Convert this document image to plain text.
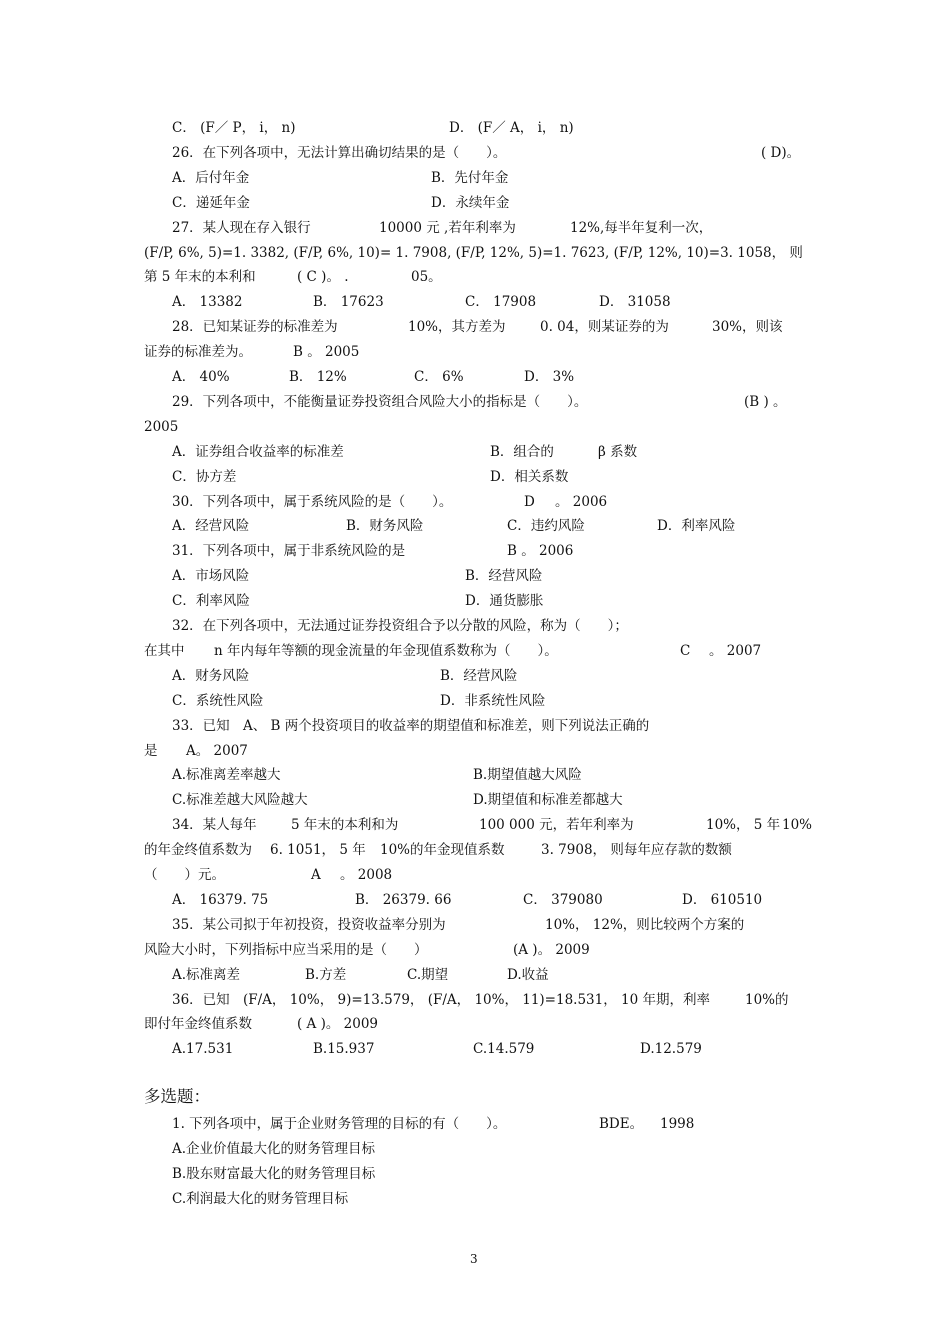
C． (F／ P， i， n)	D． (F／ A， i， n)
26．在下列各项中，无法计算出确切结果的是（　　）。	( D)。
A．后付年金	B．先付年金
C．递延年金	D．永续年金
27．某人现在存入银行	10000 元 ,若年利率为	12%,每半年复利一次，
(F/P, 6%, 5)=1. 3382, (F/P, 6%, 10)= 1. 7908, (F/P, 12%, 5)=1. 7623, (F/P, 12%, 10)=3. 1058， 则
第 5 年末的本利和	( C )。 .	05。
A． 13382	B． 17623	C． 17908	D． 31058
28．已知某证券的标准差为	10%，其方差为	0. 04，则某证券的为	30%，则该
证券的标准差为。	B 。 2005
A． 40%	B． 12%	C． 6%	D． 3%
29．下列各项中，不能衡量证券投资组合风险大小的指标是（　　）。	(B ) 。
2005
A．证券组合收益率的标准差	B．组合的	β 系数
C．协方差	D．相关系数
30．下列各项中，属于系统风险的是（　　）。	D 。 2006
A．经营风险	B．财务风险	C．违约风险	D．利率风险
31．下列各项中，属于非系统风险的是	B 。 2006
A．市场风险	B．经营风险
C．利率风险	D．通货膨胀
32．在下列各项中，无法通过证券投资组合予以分散的风险，称为（　　）；
在其中 n 年内每年等额的现金流量的年金现值系数称为（　　）。	C 。 2007
A．财务风险	B．经营风险
C．系统性风险	D．非系统性风险
33．已知 A、 B 两个投资项目的收益率的期望值和标准差，则下列说法正确的
是 A。 2007
A.标准离差率越大	B.期望值越大风险
C.标准差越大风险越大	D.期望值和标准差都越大
34．某人每年	5 年末的本利和为	100 000 元，若年利率为	10%， 5 年 10%
的年金终值系数为 6. 1051， 5 年 10%的年金现值系数	3. 7908， 则每年应存款的数额
（　　）元。	A 。 2008
A． 16379. 75	B． 26379. 66	C． 379080	D． 610510
35．某公司拟于年初投资，投资收益率分别为	10%， 12%，则比较两个方案的
风险大小时，下列指标中应当采用的是（　　）	(A )。 2009
A.标准离差	B.方差	C.期望	D.收益
36．已知 (F/A， 10%， 9)=13.579， (F/A， 10%， 11)=18.531， 10 年期，利率	10%的
即付年金终值系数	( A )。 2009
A.17.531	B.15.937	C.14.579	D.12.579
多选题：
1. 下列各项中，属于企业财务管理的目标的有（　　）。	BDE。 1998
A.企业价值最大化的财务管理目标
B.股东财富最大化的财务管理目标
C.利润最大化的财务管理目标
3
